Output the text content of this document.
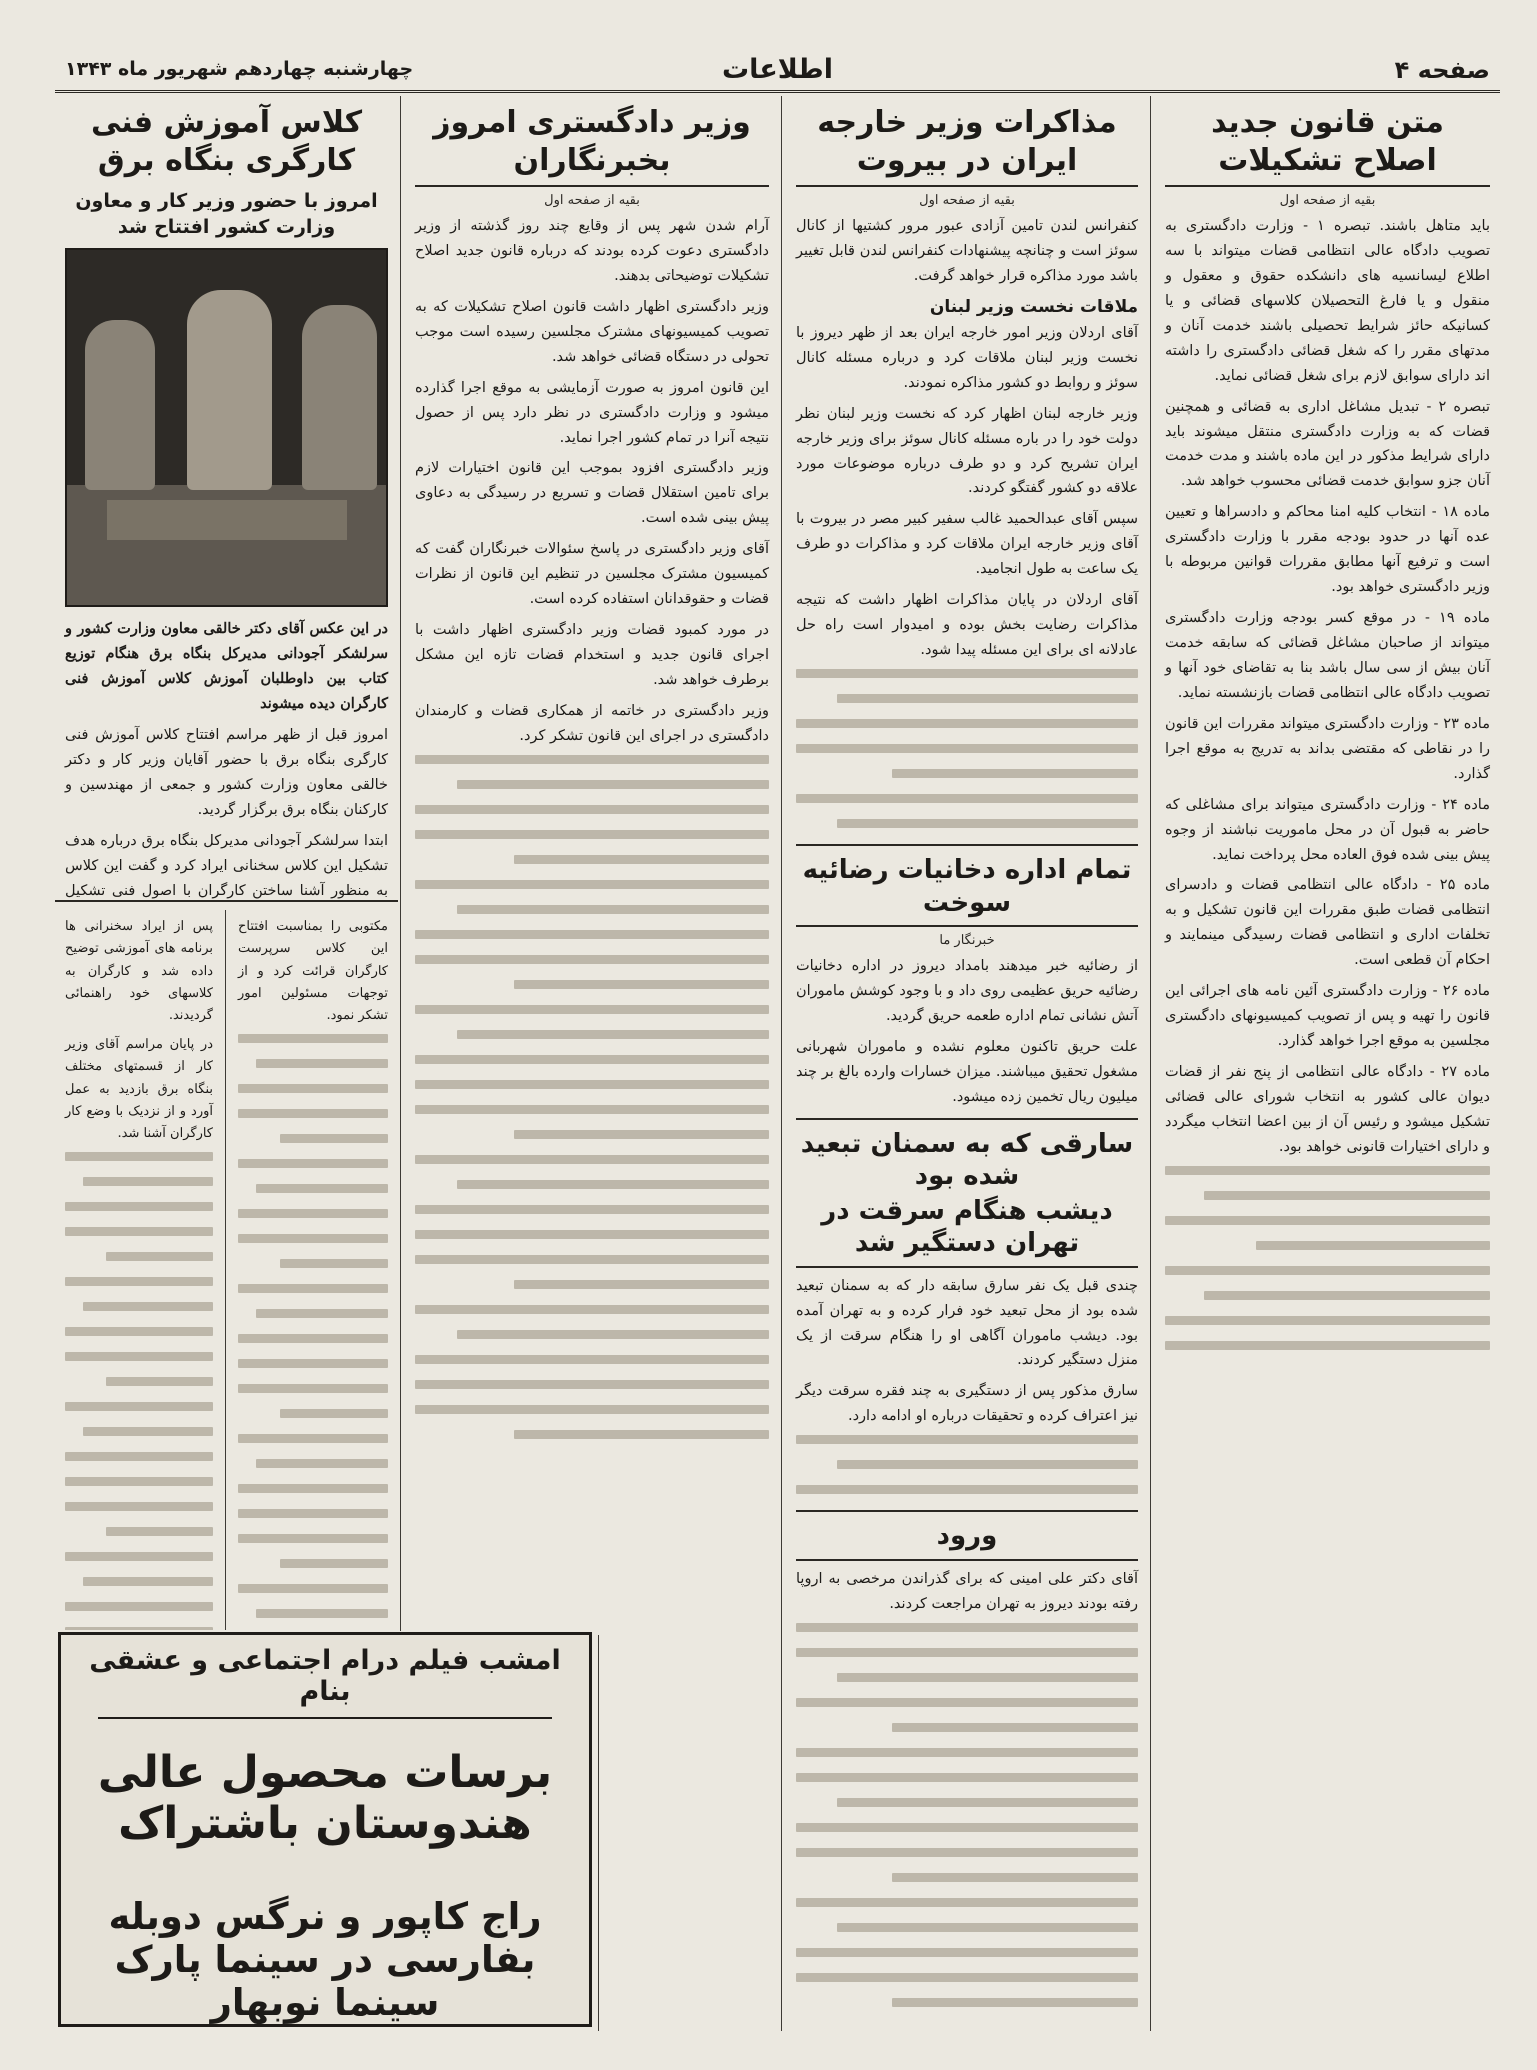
صفحه ۴
اطلاعات
چهارشنبه چهاردهم شهریور ماه ۱۳۴۳
متن قانون جدید اصلاح تشکیلات
بقیه از صفحه اول

باید متاهل باشند. تبصره ۱ - وزارت دادگستری به تصویب دادگاه عالی انتظامی قضات میتواند با سه اطلاع لیسانسیه های دانشکده حقوق و معقول و منقول و یا فارغ التحصیلان کلاسهای قضائی و یا کسانیکه حائز شرایط تحصیلی باشند خدمت آنان و مدتهای مقرر را که شغل قضائی دادگستری را داشته اند دارای سوابق لازم برای شغل قضائی نماید.

تبصره ۲ - تبدیل مشاغل اداری به قضائی و همچنین قضات که به وزارت دادگستری منتقل میشوند باید دارای شرایط مذکور در این ماده باشند و مدت خدمت آنان جزو سوابق خدمت قضائی محسوب خواهد شد.

ماده ۱۸ - انتخاب کلیه امنا محاکم و دادسراها و تعیین عده آنها در حدود بودجه مقرر با وزارت دادگستری است و ترفیع آنها مطابق مقررات قوانین مربوطه با وزیر دادگستری خواهد بود.

ماده ۱۹ - در موقع کسر بودجه وزارت دادگستری میتواند از صاحبان مشاغل قضائی که سابقه خدمت آنان بیش از سی سال باشد بنا به تقاضای خود آنها و تصویب دادگاه عالی انتظامی قضات بازنشسته نماید.

ماده ۲۳ - وزارت دادگستری میتواند مقررات این قانون را در نقاطی که مقتضی بداند به تدریج به موقع اجرا گذارد.

ماده ۲۴ - وزارت دادگستری میتواند برای مشاغلی که حاضر به قبول آن در محل ماموریت نباشند از وجوه پیش بینی شده فوق العاده محل پرداخت نماید.

ماده ۲۵ - دادگاه عالی انتظامی قضات و دادسرای انتظامی قضات طبق مقررات این قانون تشکیل و به تخلفات اداری و انتظامی قضات رسیدگی مینمایند و احکام آن قطعی است.

ماده ۲۶ - وزارت دادگستری آئین نامه های اجرائی این قانون را تهیه و پس از تصویب کمیسیونهای دادگستری مجلسین به موقع اجرا خواهد گذارد.

ماده ۲۷ - دادگاه عالی انتظامی از پنج نفر از قضات دیوان عالی کشور به انتخاب شورای عالی قضائی تشکیل میشود و رئیس آن از بین اعضا انتخاب میگردد و دارای اختیارات قانونی خواهد بود.

مذاکرات وزیر خارجه ایران در بیروت
بقیه از صفحه اول

کنفرانس لندن تامین آزادی عبور مرور کشتیها از کانال سوئز است و چنانچه پیشنهادات کنفرانس لندن قابل تغییر باشد مورد مذاکره قرار خواهد گرفت.

ملاقات نخست وزیر لبنان

آقای اردلان وزیر امور خارجه ایران بعد از ظهر دیروز با نخست وزیر لبنان ملاقات کرد و درباره مسئله کانال سوئز و روابط دو کشور مذاکره نمودند.

وزیر خارجه لبنان اظهار کرد که نخست وزیر لبنان نظر دولت خود را در باره مسئله کانال سوئز برای وزیر خارجه ایران تشریح کرد و دو طرف درباره موضوعات مورد علاقه دو کشور گفتگو کردند.

سپس آقای عبدالحمید غالب سفیر کبیر مصر در بیروت با آقای وزیر خارجه ایران ملاقات کرد و مذاکرات دو طرف یک ساعت به طول انجامید.

آقای اردلان در پایان مذاکرات اظهار داشت که نتیجه مذاکرات رضایت بخش بوده و امیدوار است راه حل عادلانه ای برای این مسئله پیدا شود.

تمام اداره دخانیات رضائیه سوخت
خبرنگار ما

از رضائیه خبر میدهند بامداد دیروز در اداره دخانیات رضائیه حریق عظیمی روی داد و با وجود کوشش ماموران آتش نشانی تمام اداره طعمه حریق گردید.

علت حریق تاکنون معلوم نشده و ماموران شهربانی مشغول تحقیق میباشند. میزان خسارات وارده بالغ بر چند میلیون ریال تخمین زده میشود.

سارقی که به سمنان تبعید شده بود
دیشب هنگام سرقت در تهران دستگیر شد

چندی قبل یک نفر سارق سابقه دار که به سمنان تبعید شده بود از محل تبعید خود فرار کرده و به تهران آمده بود. دیشب ماموران آگاهی او را هنگام سرقت از یک منزل دستگیر کردند.

سارق مذکور پس از دستگیری به چند فقره سرقت دیگر نیز اعتراف کرده و تحقیقات درباره او ادامه دارد.

ورود

آقای دکتر علی امینی که برای گذراندن مرخصی به اروپا رفته بودند دیروز به تهران مراجعت کردند.

وزیر دادگستری امروز بخبرنگاران
بقیه از صفحه اول

آرام شدن شهر پس از وقایع چند روز گذشته از وزیر دادگستری دعوت کرده بودند که درباره قانون جدید اصلاح تشکیلات توضیحاتی بدهند.

وزیر دادگستری اظهار داشت قانون اصلاح تشکیلات که به تصویب کمیسیونهای مشترک مجلسین رسیده است موجب تحولی در دستگاه قضائی خواهد شد.

این قانون امروز به صورت آزمایشی به موقع اجرا گذارده میشود و وزارت دادگستری در نظر دارد پس از حصول نتیجه آنرا در تمام کشور اجرا نماید.

وزیر دادگستری افزود بموجب این قانون اختیارات لازم برای تامین استقلال قضات و تسریع در رسیدگی به دعاوی پیش بینی شده است.

آقای وزیر دادگستری در پاسخ سئوالات خبرنگاران گفت که کمیسیون مشترک مجلسین در تنظیم این قانون از نظرات قضات و حقوقدانان استفاده کرده است.

در مورد کمبود قضات وزیر دادگستری اظهار داشت با اجرای قانون جدید و استخدام قضات تازه این مشکل برطرف خواهد شد.

وزیر دادگستری در خاتمه از همکاری قضات و کارمندان دادگستری در اجرای این قانون تشکر کرد.

کلاس آموزش فنی کارگری بنگاه برق
امروز با حضور وزیر کار و معاون وزارت کشور افتتاح شد

در این عکس آقای دکتر خالقی معاون وزارت کشور و سرلشکر آجودانی مدیرکل بنگاه برق هنگام توزیع کتاب بین داوطلبان آموزش کلاس آموزش فنی کارگران دیده میشوند

امروز قبل از ظهر مراسم افتتاح کلاس آموزش فنی کارگری بنگاه برق با حضور آقایان وزیر کار و دکتر خالقی معاون وزارت کشور و جمعی از مهندسین و کارکنان بنگاه برق برگزار گردید.

ابتدا سرلشکر آجودانی مدیرکل بنگاه برق درباره هدف تشکیل این کلاس سخنانی ایراد کرد و گفت این کلاس به منظور آشنا ساختن کارگران با اصول فنی تشکیل

مکتوبی را بمناسبت افتتاح این کلاس سرپرست کارگران قرائت کرد و از توجهات مسئولین امور تشکر نمود.

پس از ایراد سخنرانی ها برنامه های آموزشی توضیح داده شد و کارگران به کلاسهای خود راهنمائی گردیدند.

در پایان مراسم آقای وزیر کار از قسمتهای مختلف بنگاه برق بازدید به عمل آورد و از نزدیک با وضع کار کارگران آشنا شد.

امشب فیلم درام اجتماعی و عشقی بنام
برسات محصول عالی هندوستان باشتراک
راج کاپور و نرگس دوبله بفارسی در سینما پارک سینما نوبهار
